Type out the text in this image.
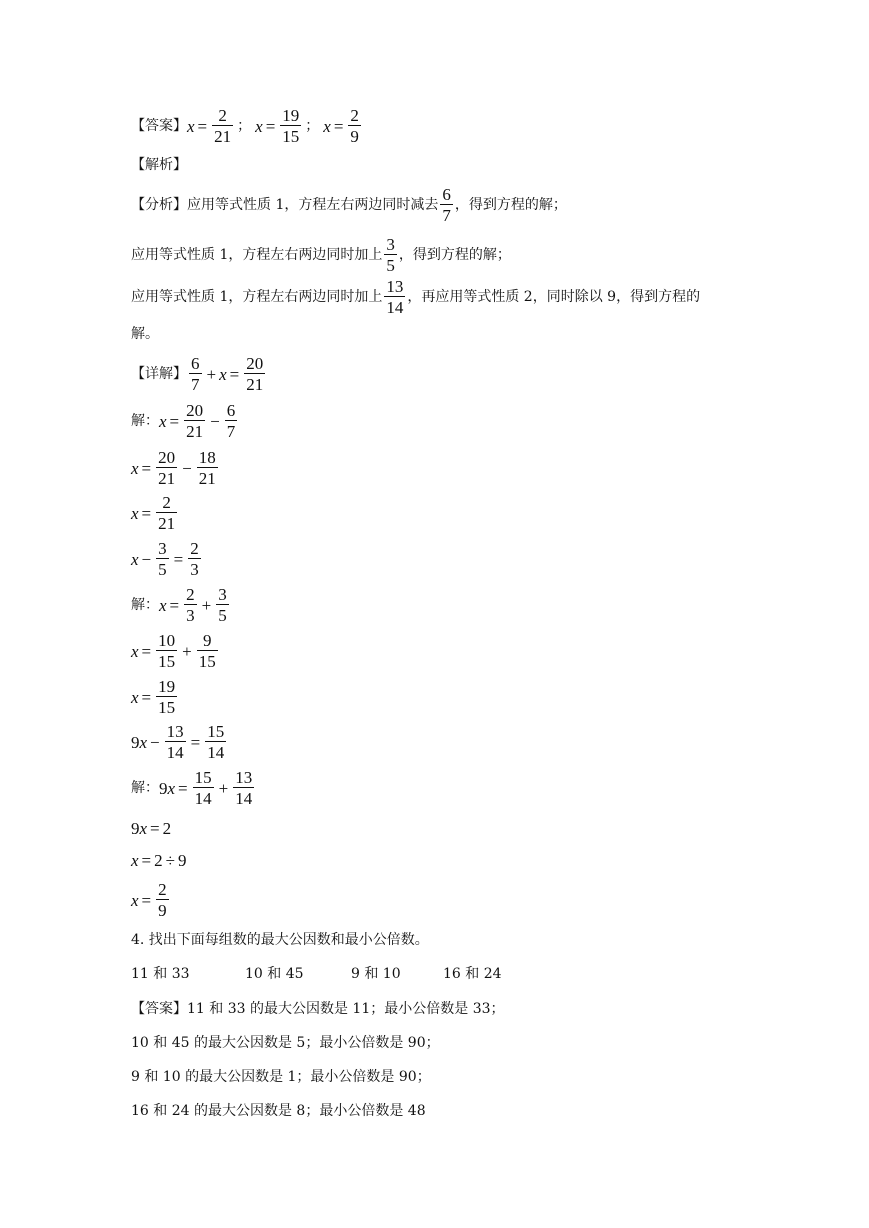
【答案】 $x = \frac{2}{21}$ ； $x = \frac{19}{15}$ ； $x = \frac{2}{9}$
【解析】
【分析】 应用等式性质 1，方程左右两边同时减去 $\frac{6}{7}$ ，得到方程的解；
应用等式性质 1，方程左右两边同时加上 $\frac{3}{5}$ ，得到方程的解；
应用等式性质 1，方程左右两边同时加上 $\frac{13}{14}$ ，再应用等式性质 2，同时除以 9，得到方程的
解。
【详解】 $\frac{6}{7} + x = \frac{20}{21}$
解： $x = \frac{20}{21} - \frac{6}{7}$
$x = \frac{20}{21} - \frac{18}{21}$
$x = \frac{2}{21}$
$x - \frac{3}{5} = \frac{2}{3}$
解： $x = \frac{2}{3} + \frac{3}{5}$
$x = \frac{10}{15} + \frac{9}{15}$
$x = \frac{19}{15}$
9 $x - \frac{13}{14} = \frac{15}{14}$
解： 9 $x = \frac{15}{14} + \frac{13}{14}$
9 x = 2
x = 2 ÷ 9
$x = \frac{2}{9}$
4. 找出下面每组数的最大公因数和最小公倍数。
11 和 33	10 和 45	9 和 10	16 和 24
【答案】 11 和 33 的最大公因数是 11；最小公倍数是 33；
10 和 45 的最大公因数是 5；最小公倍数是 90；
9 和 10 的最大公因数是 1；最小公倍数是 90；
16 和 24 的最大公因数是 8；最小公倍数是 48
